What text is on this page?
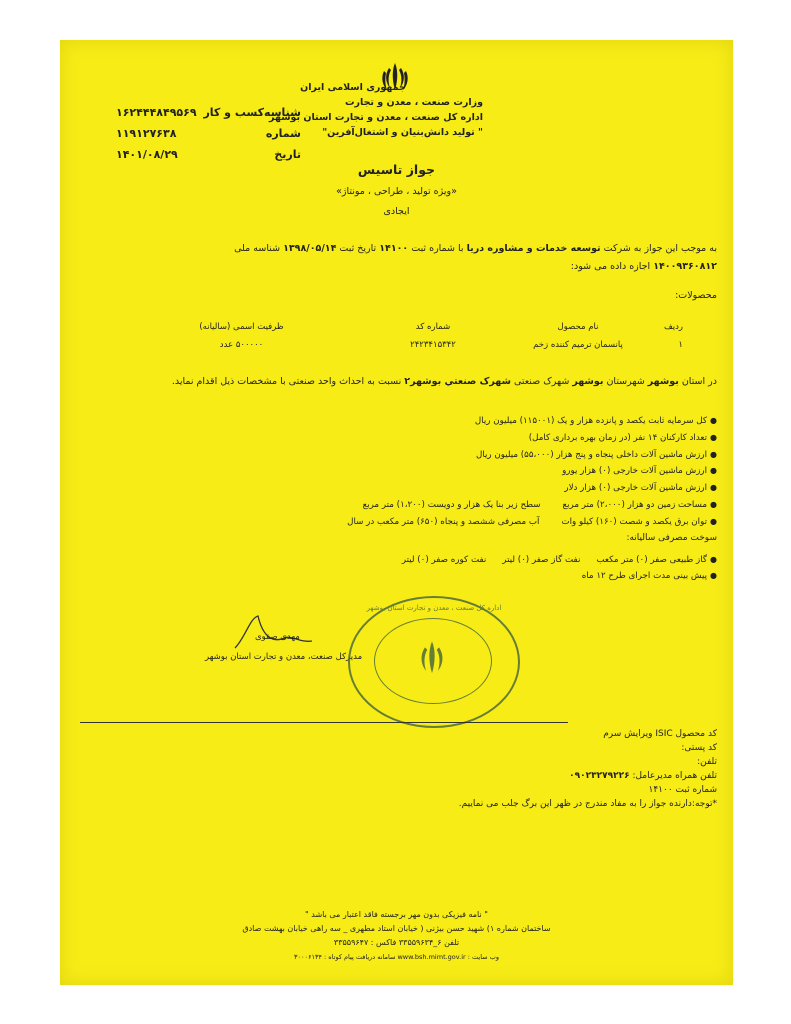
جمهوری اسلامی ایران
وزارت صنعت ، معدن و تجارت
اداره کل صنعت ، معدن و تجارت استان بوشهر
" تولید دانش‌بنیان و اشتغال‌آفرین"
شناسه‌کسب و کار
۱۶۲۴۴۴۸۴۹۵۶۹
شماره
۱۱۹۱۲۷۶۳۸
تاریخ
۱۴۰۱/۰۸/۲۹
جواز تاسیس
«ویژه تولید ، طراحی ، مونتاژ»
ایجادی
به موجب این جواز به شرکت توسعه خدمات و مشاوره دریا با شماره ثبت ۱۴۱۰۰ تاریخ ثبت ۱۳۹۸/۰۵/۱۴ شناسه ملی
۱۴۰۰۹۳۶۰۸۱۲ اجازه داده می شود:
محصولات:
ردیف
نام محصول
شماره کد
ظرفیت اسمی (سالیانه)
۱
پانسمان ترمیم کننده زخم
۲۴۲۳۴۱۵۳۴۲
۵۰۰۰۰۰ عدد
در استان بوشهر شهرستان بوشهر شهرک صنعتی شهرک صنعتي بوشهر۲ نسبت به احداث واحد صنعتی با مشخصات ذیل اقدام نماید.
●
کل سرمایه ثابت یکصد و پانزده هزار و یک (۱۱۵۰۰۱) میلیون ریال
●
تعداد کارکنان ۱۴ نفر (در زمان بهره برداری کامل)
●
ارزش ماشین آلات داخلی پنجاه و پنج هزار (۵۵،۰۰۰) میلیون ریال
●
ارزش ماشین آلات خارجی (۰) هزار یورو
●
ارزش ماشین آلات خارجی (۰) هزار دلار
●
مساحت زمین دو هزار (۲،۰۰۰) متر مربع
سطح زیر بنا یک هزار و دویست (۱،۲۰۰) متر مربع
●
توان برق یکصد و شصت (۱۶۰) کیلو وات
آب مصرفی ششصد و پنجاه (۶۵۰) متر مکعب در سال
سوخت مصرفی سالیانه:
●گاز طبیعی صفر (۰) متر مکعبنفت گاز صفر (۰) لیترنفت کوره صفر (۰) لیتر
●پیش بینی مدت اجرای طرح ۱۲ ماه
مهدی صفوی
مدیرکل صنعت، معدن و تجارت استان بوشهر
اداره کل صنعت ، معدن و تجارت استان بوشهر
کد محصول ISIC ویرایش سرم
کد پستی:
تلفن:
تلفن همراه مدیرعامل: ۰۹۰۲۳۲۷۹۲۲۶
شماره ثبت ۱۴۱۰۰
*توجه:دارنده جواز را به مفاد مندرج در ظهر این برگ جلب می نماییم.
" نامه فیزیکی بدون مهر برجسته فاقد اعتبار می باشد "
ساختمان شماره ۱) شهید حسن بیژنی ( خیابان استاد مطهری _ سه راهی خیابان بهشت صادق
تلفن ۶_۳۳۵۵۹۶۳۴ فاکس : ۳۳۵۵۹۶۴۷
وب سایت : www.bsh.mimt.gov.ir سامانه دریافت پیام کوتاه : ۳۰۰۰۶۱۳۴
